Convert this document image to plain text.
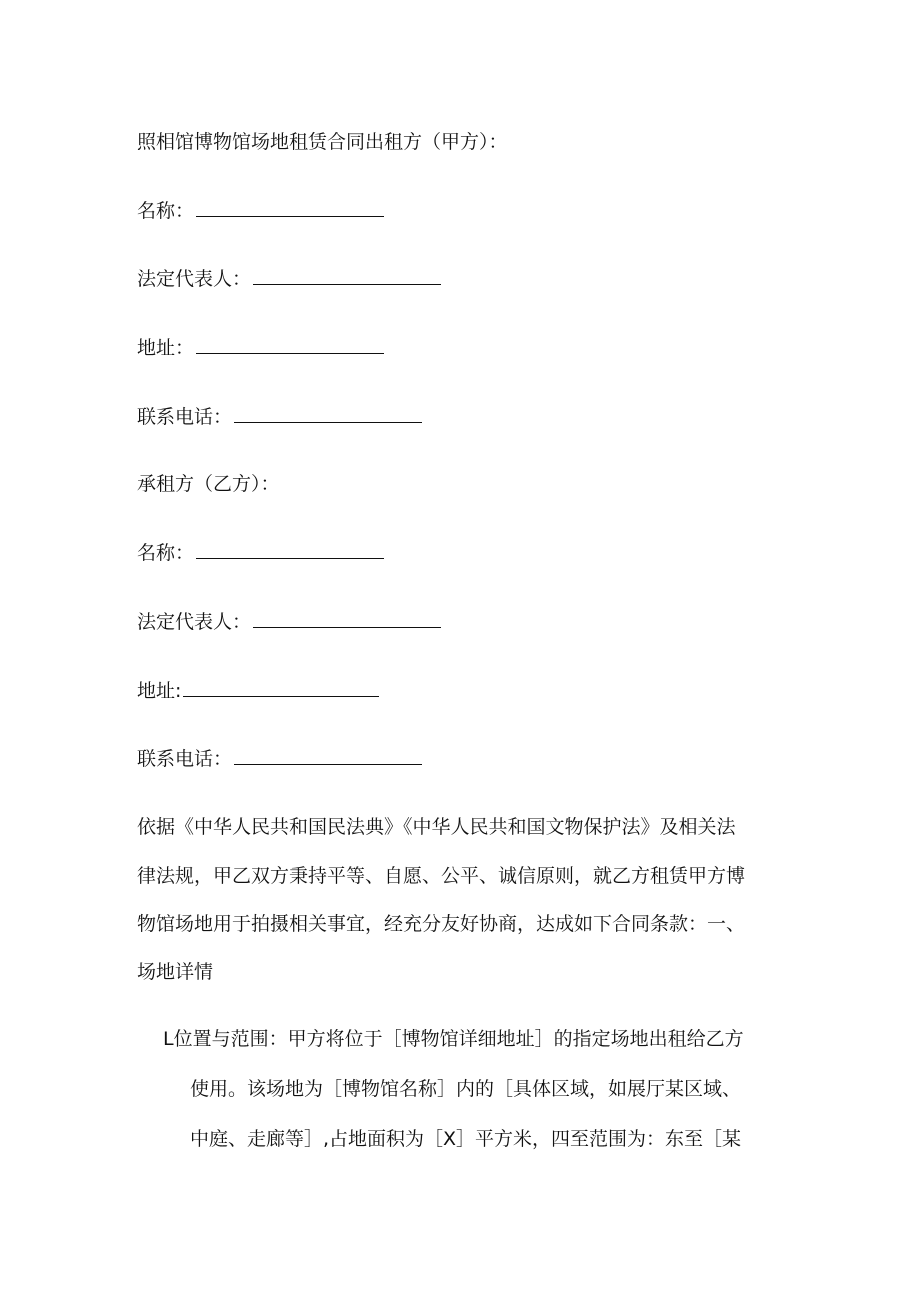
照相馆博物馆场地租赁合同出租方（甲方）：
名称：
法定代表人：
地址：
联系电话：
承租方（乙方）：
名称：
法定代表人：
地址:
联系电话：
依据《中华人民共和国民法典》《中华人民共和国文物保护法》及相关法
律法规，甲乙双方秉持平等、自愿、公平、诚信原则，就乙方租赁甲方博
物馆场地用于拍摄相关事宜，经充分友好协商，达成如下合同条款：一、
场地详情
L位置与范围：甲方将位于［博物馆详细地址］的指定场地出租给乙方
使用。该场地为［博物馆名称］内的［具体区域，如展厅某区域、
中庭、走廊等］,占地面积为［X］平方米，四至范围为：东至［某
